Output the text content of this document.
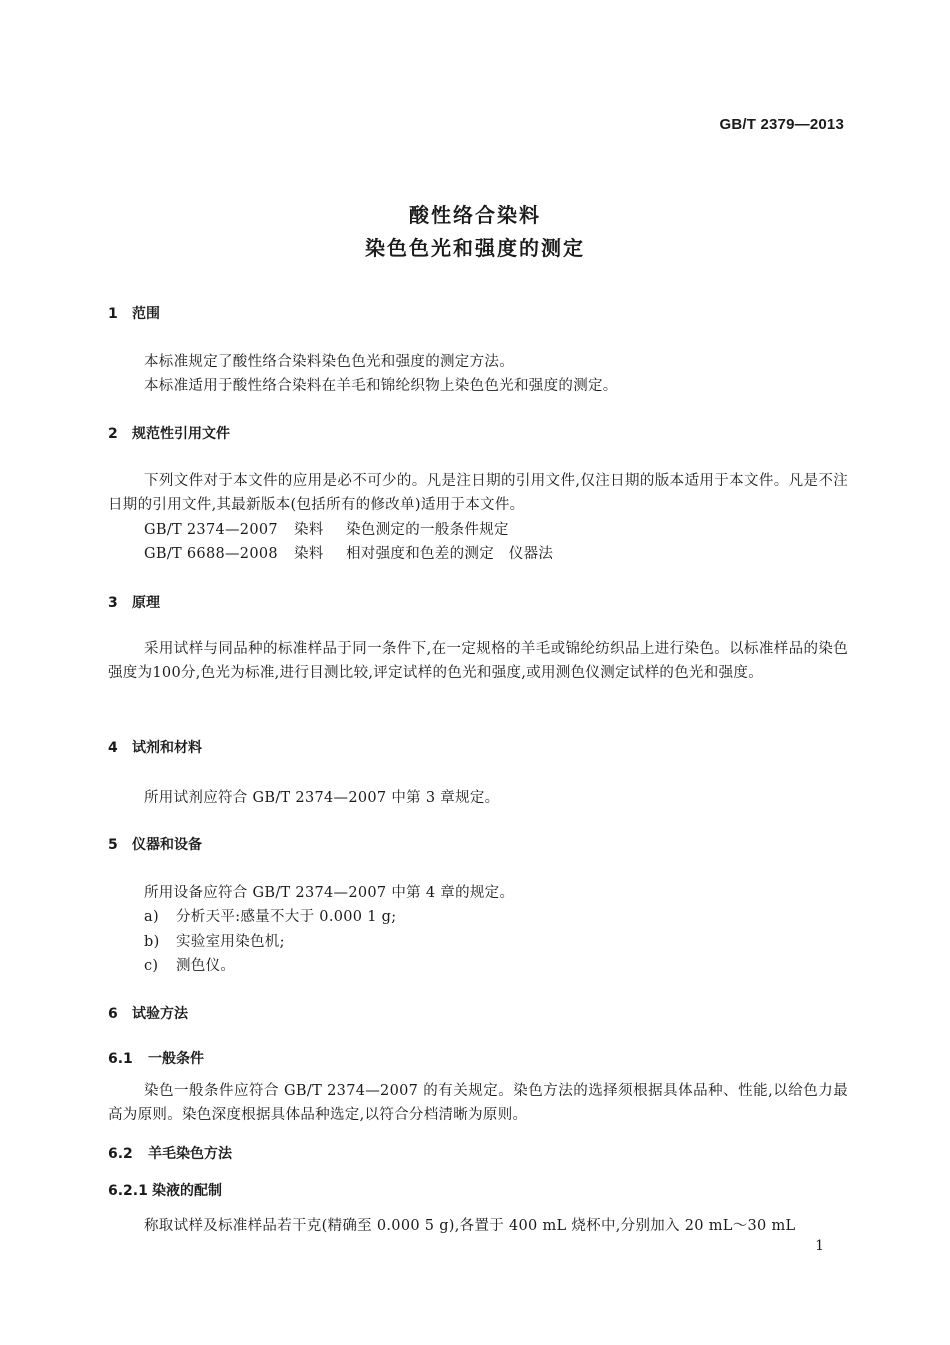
GB/T 2379—2013
酸性络合染料
染色色光和强度的测定
1 范围
本标准规定了酸性络合染料染色色光和强度的测定方法。
本标准适用于酸性络合染料在羊毛和锦纶织物上染色色光和强度的测定。
2 规范性引用文件
下列文件对于本文件的应用是必不可少的。凡是注日期的引用文件,仅注日期的版本适用于本文件。凡是不注日期的引用文件,其最新版本(包括所有的修改单)适用于本文件。
GB/T 2374—2007 染料 染色测定的一般条件规定
GB/T 6688—2008 染料 相对强度和色差的测定　仪器法
3 原理
采用试样与同品种的标准样品于同一条件下,在一定规格的羊毛或锦纶纺织品上进行染色。以标准样品的染色强度为100分,色光为标准,进行目测比较,评定试样的色光和强度,或用测色仪测定试样的色光和强度。
4 试剂和材料
所用试剂应符合 GB/T 2374—2007 中第 3 章规定。
5 仪器和设备
所用设备应符合 GB/T 2374—2007 中第 4 章的规定。
a) 分析天平:感量不大于 0.000 1 g;
b) 实验室用染色机;
c) 测色仪。
6 试验方法
6.1 一般条件
染色一般条件应符合 GB/T 2374—2007 的有关规定。染色方法的选择须根据具体品种、性能,以给色力最高为原则。染色深度根据具体品种选定,以符合分档清晰为原则。
6.2 羊毛染色方法
6.2.1 染液的配制
称取试样及标准样品若干克(精确至 0.000 5 g),各置于 400 mL 烧杯中,分别加入 20 mL～30 mL
1
